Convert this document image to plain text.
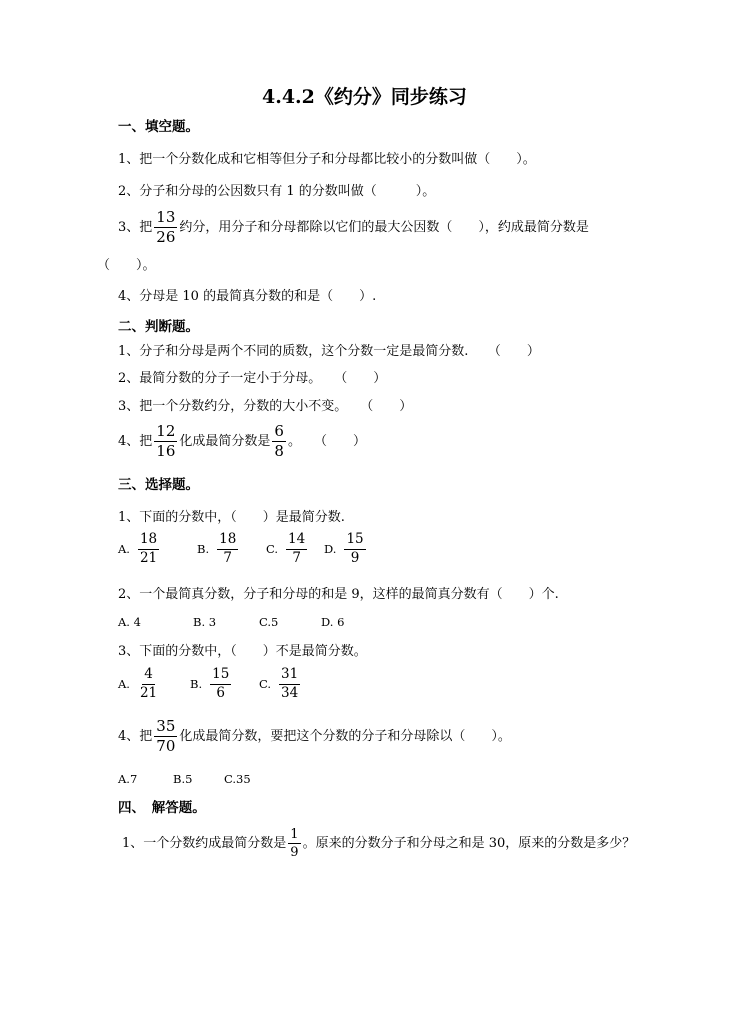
4.4.2《约分》同步练习
一、填空题。
1、把一个分数化成和它相等但分子和分母都比较小的分数叫做（　　）。
2、分子和分母的公因数只有 1 的分数叫做（　　　）。
3、把 $\frac{13}{26}$ 约分，用分子和分母都除以它们的最大公因数（　　），约成最简分数是
（　　）。
4、分母是 10 的最简真分数的和是（　　）.
二、判断题。
1、分子和分母是两个不同的质数，这个分数一定是最简分数.　　（　　）
2、最简分数的分子一定小于分母。　　（　　）
3、把一个分数约分，分数的大小不变。　　（　　）
4、把 $\frac{12}{16}$ 化成最简分数是 $\frac{6}{8}$ 。　　（　　）
三、选择题。
1、下面的分数中，（　　）是最简分数.
A. $\frac{18}{21}$	B. $\frac{18}{7} C$. $\frac{14}{7} D$. $\frac{15}{9}$
2、一个最简真分数，分子和分母的和是 9，这样的最简真分数有（　　）个.
A. 4	B. 3	C.5	D. 6
3、下面的分数中，（　　）不是最简分数。
A. $\frac{4}{21}$	B. $\frac{15}{6} C$. $\frac{31}{34}$
4、把 $\frac{35}{70}$ 化成最简分数，要把这个分数的分子和分母除以（　　）。
A.7	B.5	C.35
四、　解答题。
1、一个分数约成最简分数是 $\frac{1}{9}$ 。原来的分数分子和分母之和是 30，原来的分数是多少？
